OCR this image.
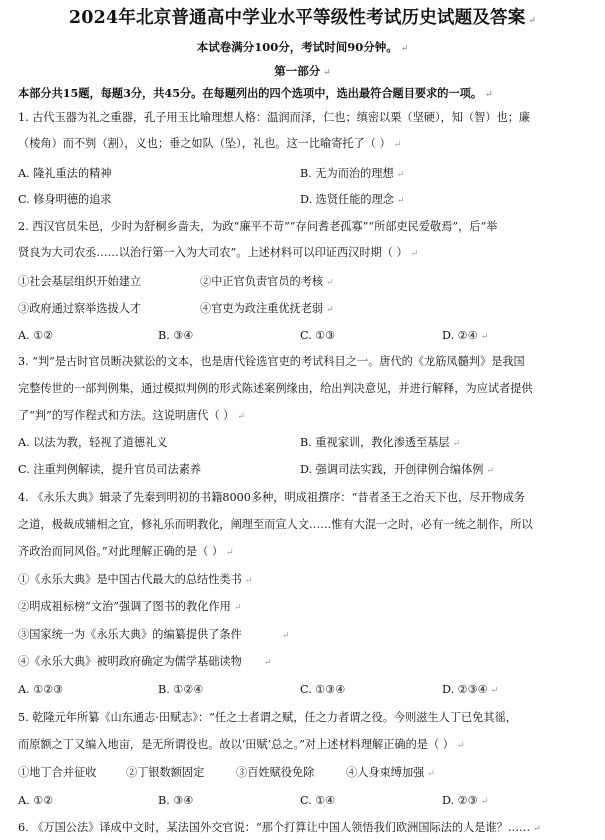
2024年北京普通高中学业水平等级性考试历史试题及答案 ↵
本试卷满分100分，考试时间90分钟。 ↵
第一部分 ↵
本部分共15题，每题3分，共45分。在每题列出的四个选项中，选出最符合题目要求的一项。 ↵
1. 古代玉器为礼之重器，孔子用玉比喻理想人格：温润而泽，仁也；缜密以栗（坚硬），知（智）也；廉
（棱角）而不刿（割），义也；垂之如队（坠），礼也。这一比喻寄托了（ ） ↵
A. 隆礼重法的精神	B. 无为而治的理想 ↵
C. 修身明德的追求	D. 选贤任能的理念 ↵
2. 西汉官员朱邑，少时为舒桐乡啬夫，为政“廉平不苛”“存问耆老孤寡”“所部吏民爱敬焉”，后“举
贤良为大司农丞……以治行第一入为大司农”。上述材料可以印证西汉时期（ ） ↵
①社会基层组织开始建立	②中正官负责官员的考核 ↵
③政府通过察举选拔人才	④官吏为政注重优抚老弱 ↵
A. ①②	B. ③④	C. ①③	D. ②④ ↵
3. “判”是古时官员断决狱讼的文本，也是唐代铨选官吏的考试科目之一。唐代的《龙筋凤髓判》是我国
完整传世的一部判例集，通过模拟判例的形式陈述案例缘由，给出判决意见，并进行解释，为应试者提供
了“判”的写作程式和方法。这说明唐代（ ） ↵
A. 以法为教，轻视了道德礼义	B. 重视家训，教化渗透至基层 ↵
C. 注重判例解读，提升官员司法素养	D. 强调司法实践，开创律例合编体例 ↵
4. 《永乐大典》辑录了先秦到明初的书籍8000多种，明成祖撰序：“昔者圣王之治天下也，尽开物成务
之道，极裁成辅相之宜，修礼乐而明教化，阐理至而宣人文……惟有大混一之时，必有一统之制作，所以
齐政治而同风俗。”对此理解正确的是（ ） ↵
①《永乐大典》是中国古代最大的总结性类书 ↵
②明成祖标榜“文治”强调了图书的教化作用 ↵
③国家统一为《永乐大典》的编纂提供了条件	↵
④《永乐大典》被明政府确定为儒学基础读物 ↵
A. ①②③	B. ①②④	C. ①③④	D. ②③④ ↵
5. 乾隆元年所纂《山东通志·田赋志》：“任之土者谓之赋，任之力者谓之役。今则滋生人丁已免其徭，
而原额之丁又编入地亩，是无所谓役也。故以‘田赋’总之。”对上述材料理解正确的是（ ） ↵
①地丁合并征收	②丁银数额固定	③百姓赋役免除	④人身束缚加强 ↵
A. ①②	B. ③④	C. ①④	D. ②③ ↵
6. 《万国公法》译成中文时，某法国外交官说：“那个打算让中国人领悟我们欧洲国际法的人是谁？…… ↵
